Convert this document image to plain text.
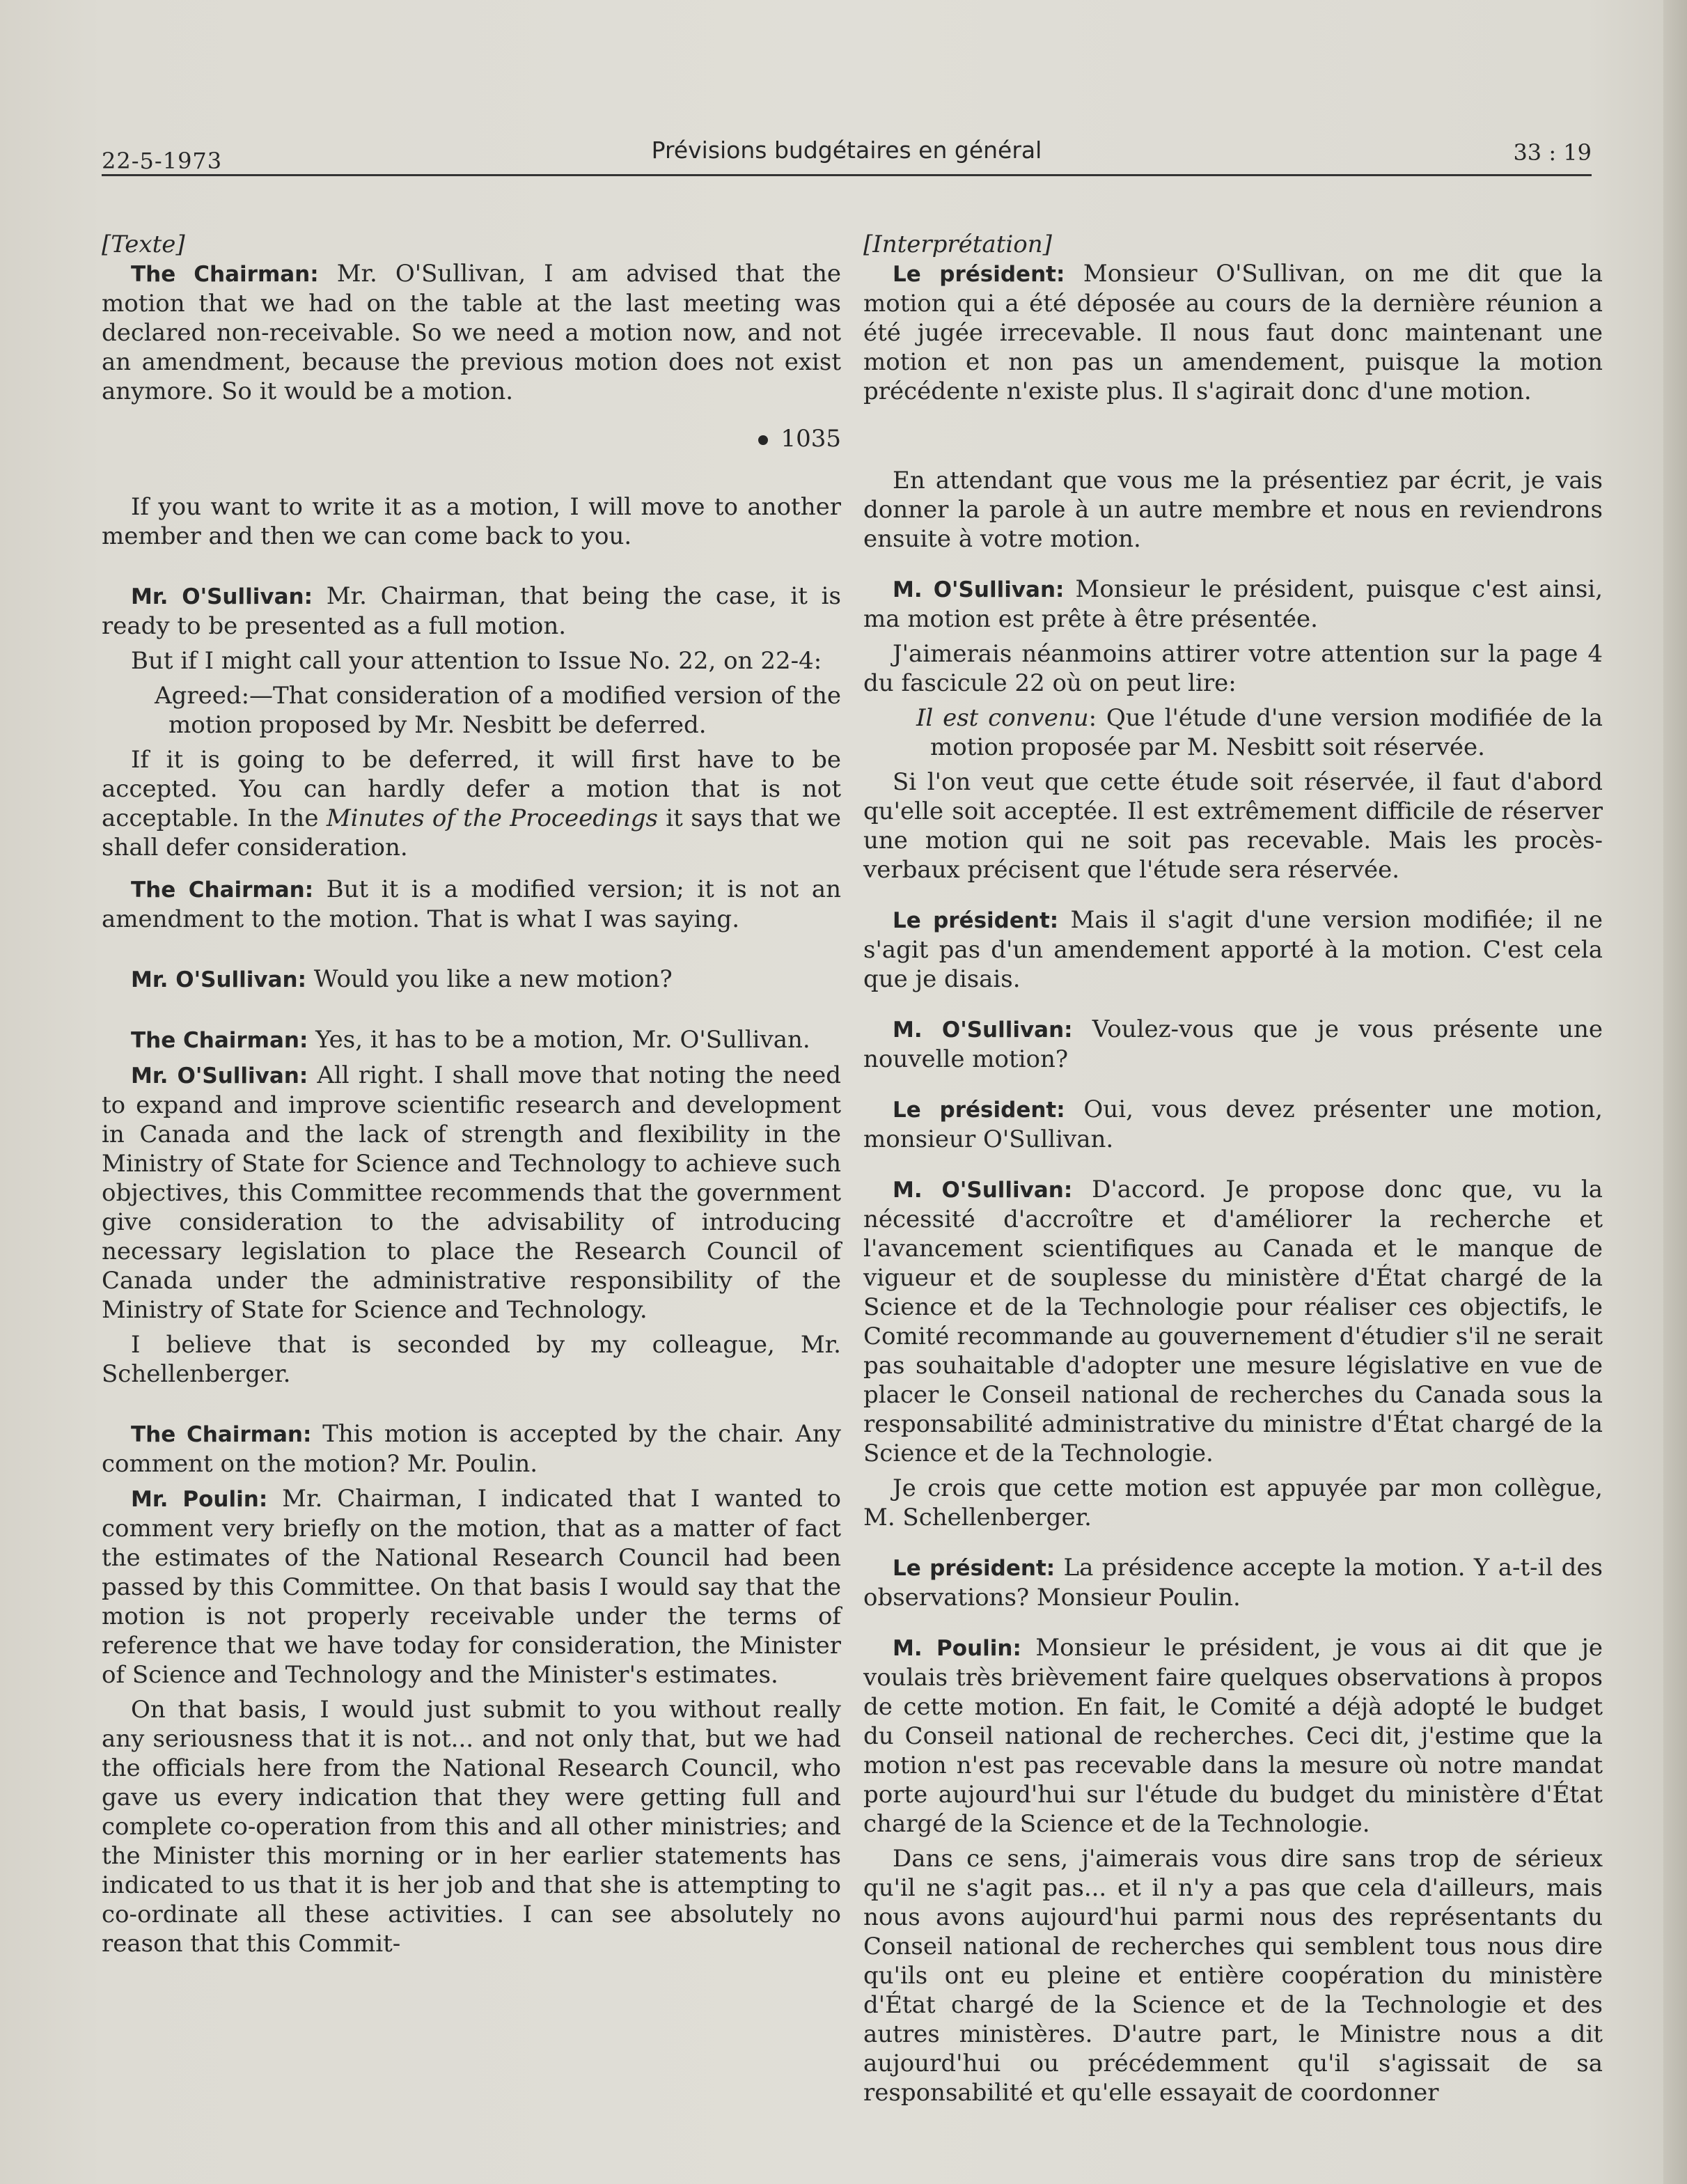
22-5-1973	Prévisions budgétaires en général	33 : 19

[Texte]

The Chairman: Mr. O'Sullivan, I am advised that the motion that we had on the table at the last meeting was declared non-receivable. So we need a motion now, and not an amendment, because the previous motion does not exist anymore. So it would be a motion.

1035

If you want to write it as a motion, I will move to another member and then we can come back to you.

Mr. O'Sullivan: Mr. Chairman, that being the case, it is ready to be presented as a full motion.

But if I might call your attention to Issue No. 22, on 22-4:

Agreed:—That consideration of a modified version of the motion proposed by Mr. Nesbitt be deferred.

If it is going to be deferred, it will first have to be accepted. You can hardly defer a motion that is not acceptable. In the Minutes of the Proceedings it says that we shall defer consideration.

The Chairman: But it is a modified version; it is not an amendment to the motion. That is what I was saying.

Mr. O'Sullivan: Would you like a new motion?

The Chairman: Yes, it has to be a motion, Mr. O'Sullivan.

Mr. O'Sullivan: All right. I shall move that noting the need to expand and improve scientific research and development in Canada and the lack of strength and flexibility in the Ministry of State for Science and Technology to achieve such objectives, this Committee recommends that the government give consideration to the advisability of introducing necessary legislation to place the Research Council of Canada under the administrative responsibility of the Ministry of State for Science and Technology.

I believe that is seconded by my colleague, Mr. Schellenberger.

The Chairman: This motion is accepted by the chair. Any comment on the motion? Mr. Poulin.

Mr. Poulin: Mr. Chairman, I indicated that I wanted to comment very briefly on the motion, that as a matter of fact the estimates of the National Research Council had been passed by this Committee. On that basis I would say that the motion is not properly receivable under the terms of reference that we have today for consideration, the Minister of Science and Technology and the Minister's estimates.

On that basis, I would just submit to you without really any seriousness that it is not... and not only that, but we had the officials here from the National Research Council, who gave us every indication that they were getting full and complete co-operation from this and all other ministries; and the Minister this morning or in her earlier statements has indicated to us that it is her job and that she is attempting to co-ordinate all these activities. I can see absolutely no reason that this Commit-

[Interprétation]

Le président: Monsieur O'Sullivan, on me dit que la motion qui a été déposée au cours de la dernière réunion a été jugée irrecevable. Il nous faut donc maintenant une motion et non pas un amendement, puisque la motion précédente n'existe plus. Il s'agirait donc d'une motion.

En attendant que vous me la présentiez par écrit, je vais donner la parole à un autre membre et nous en reviendrons ensuite à votre motion.

M. O'Sullivan: Monsieur le président, puisque c'est ainsi, ma motion est prête à être présentée.

J'aimerais néanmoins attirer votre attention sur la page 4 du fascicule 22 où on peut lire:

Il est convenu: Que l'étude d'une version modifiée de la motion proposée par M. Nesbitt soit réservée.

Si l'on veut que cette étude soit réservée, il faut d'abord qu'elle soit acceptée. Il est extrêmement difficile de réserver une motion qui ne soit pas recevable. Mais les procès-verbaux précisent que l'étude sera réservée.

Le président: Mais il s'agit d'une version modifiée; il ne s'agit pas d'un amendement apporté à la motion. C'est cela que je disais.

M. O'Sullivan: Voulez-vous que je vous présente une nouvelle motion?

Le président: Oui, vous devez présenter une motion, monsieur O'Sullivan.

M. O'Sullivan: D'accord. Je propose donc que, vu la nécessité d'accroître et d'améliorer la recherche et l'avancement scientifiques au Canada et le manque de vigueur et de souplesse du ministère d'État chargé de la Science et de la Technologie pour réaliser ces objectifs, le Comité recommande au gouvernement d'étudier s'il ne serait pas souhaitable d'adopter une mesure législative en vue de placer le Conseil national de recherches du Canada sous la responsabilité administrative du ministre d'État chargé de la Science et de la Technologie.

Je crois que cette motion est appuyée par mon collègue, M. Schellenberger.

Le président: La présidence accepte la motion. Y a-t-il des observations? Monsieur Poulin.

M. Poulin: Monsieur le président, je vous ai dit que je voulais très brièvement faire quelques observations à propos de cette motion. En fait, le Comité a déjà adopté le budget du Conseil national de recherches. Ceci dit, j'estime que la motion n'est pas recevable dans la mesure où notre mandat porte aujourd'hui sur l'étude du budget du ministère d'État chargé de la Science et de la Technologie.

Dans ce sens, j'aimerais vous dire sans trop de sérieux qu'il ne s'agit pas... et il n'y a pas que cela d'ailleurs, mais nous avons aujourd'hui parmi nous des représentants du Conseil national de recherches qui semblent tous nous dire qu'ils ont eu pleine et entière coopération du ministère d'État chargé de la Science et de la Technologie et des autres ministères. D'autre part, le Ministre nous a dit aujourd'hui ou précédemment qu'il s'agissait de sa responsabilité et qu'elle essayait de coordonner
